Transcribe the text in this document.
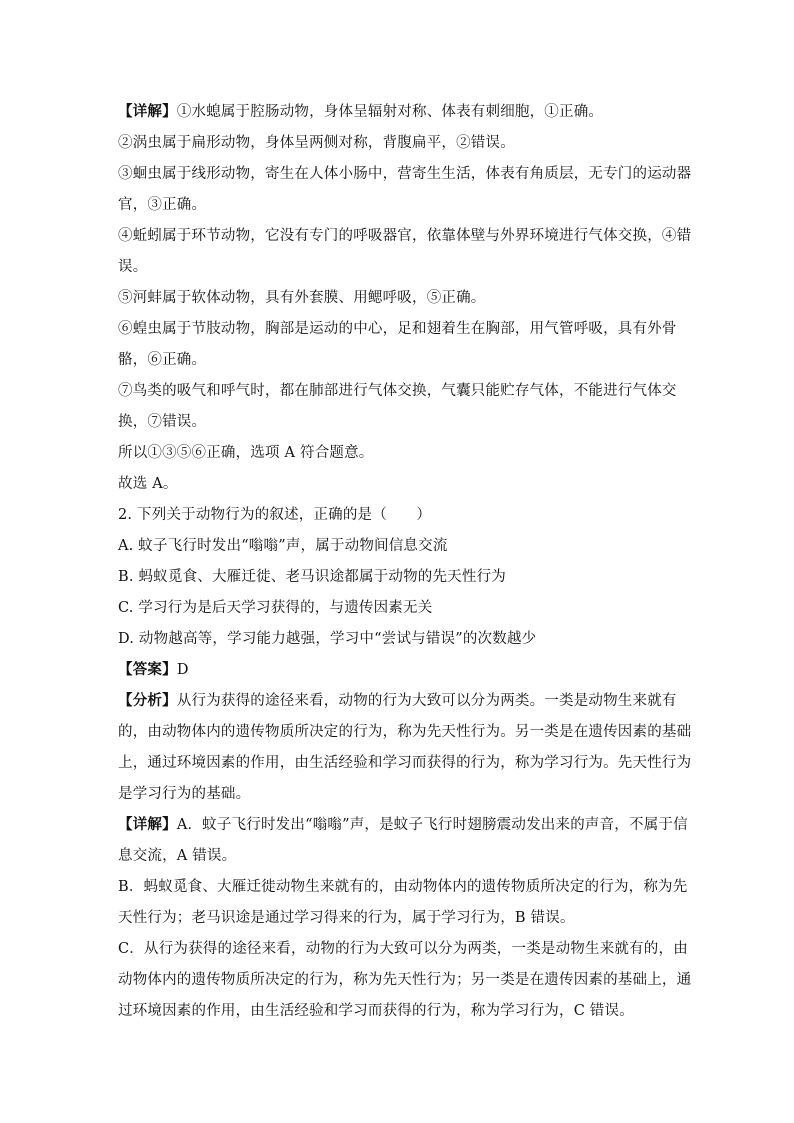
【详解】①水螅属于腔肠动物，身体呈辐射对称、体表有刺细胞，①正确。
②涡虫属于扁形动物，身体呈两侧对称，背腹扁平，②错误。
③蛔虫属于线形动物，寄生在人体小肠中，营寄生生活，体表有角质层，无专门的运动器
官，③正确。
④蚯蚓属于环节动物，它没有专门的呼吸器官，依靠体壁与外界环境进行气体交换，④错
误。
⑤河蚌属于软体动物，具有外套膜、用鳃呼吸，⑤正确。
⑥蝗虫属于节肢动物，胸部是运动的中心，足和翅着生在胸部，用气管呼吸，具有外骨
骼，⑥正确。
⑦鸟类的吸气和呼气时，都在肺部进行气体交换，气囊只能贮存气体，不能进行气体交
换，⑦错误。
所以①③⑤⑥正确，选项 A 符合题意。
故选 A。
2. 下列关于动物行为的叙述，正确的是（　　）
A. 蚊子飞行时发出“嗡嗡”声，属于动物间信息交流
B. 蚂蚁觅食、大雁迁徙、老马识途都属于动物的先天性行为
C. 学习行为是后天学习获得的，与遗传因素无关
D. 动物越高等，学习能力越强，学习中“尝试与错误”的次数越少
【答案】D
【分析】从行为获得的途径来看，动物的行为大致可以分为两类。一类是动物生来就有
的，由动物体内的遗传物质所决定的行为，称为先天性行为。另一类是在遗传因素的基础
上，通过环境因素的作用，由生活经验和学习而获得的行为，称为学习行为。先天性行为
是学习行为的基础。
【详解】A．蚊子飞行时发出“嗡嗡”声，是蚊子飞行时翅膀震动发出来的声音，不属于信
息交流，A 错误。
B．蚂蚁觅食、大雁迁徙动物生来就有的，由动物体内的遗传物质所决定的行为，称为先
天性行为；老马识途是通过学习得来的行为，属于学习行为，B 错误。
C．从行为获得的途径来看，动物的行为大致可以分为两类，一类是动物生来就有的，由
动物体内的遗传物质所决定的行为，称为先天性行为；另一类是在遗传因素的基础上，通
过环境因素的作用，由生活经验和学习而获得的行为，称为学习行为，C 错误。
